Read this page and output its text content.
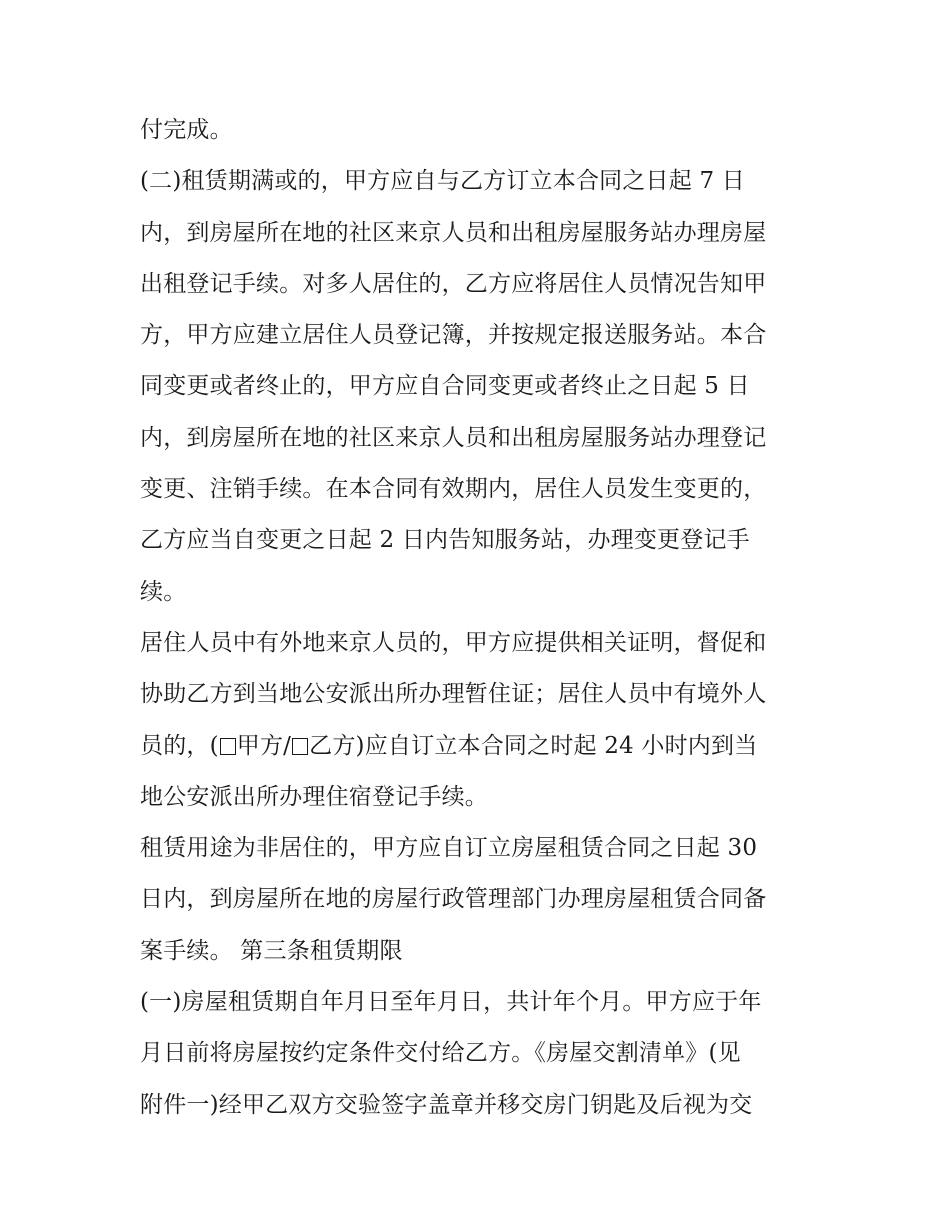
付完成。
(二)租赁期满或的，甲方应自与乙方订立本合同之日起 7 日
内，到房屋所在地的社区来京人员和出租房屋服务站办理房屋
出租登记手续。对多人居住的，乙方应将居住人员情况告知甲
方，甲方应建立居住人员登记簿，并按规定报送服务站。本合
同变更或者终止的，甲方应自合同变更或者终止之日起 5 日
内，到房屋所在地的社区来京人员和出租房屋服务站办理登记
变更、注销手续。在本合同有效期内，居住人员发生变更的，
乙方应当自变更之日起 2 日内告知服务站，办理变更登记手
续。
居住人员中有外地来京人员的，甲方应提供相关证明，督促和
协助乙方到当地公安派出所办理暂住证；居住人员中有境外人
员的，( 甲方/ 乙方)应自订立本合同之时起 24 小时内到当
地公安派出所办理住宿登记手续。
租赁用途为非居住的，甲方应自订立房屋租赁合同之日起 30
日内，到房屋所在地的房屋行政管理部门办理房屋租赁合同备
案手续。 第三条租赁期限
(一)房屋租赁期自年月日至年月日，共计年个月。甲方应于年
月日前将房屋按约定条件交付给乙方。《房屋交割清单》(见
附件一)经甲乙双方交验签字盖章并移交房门钥匙及后视为交
